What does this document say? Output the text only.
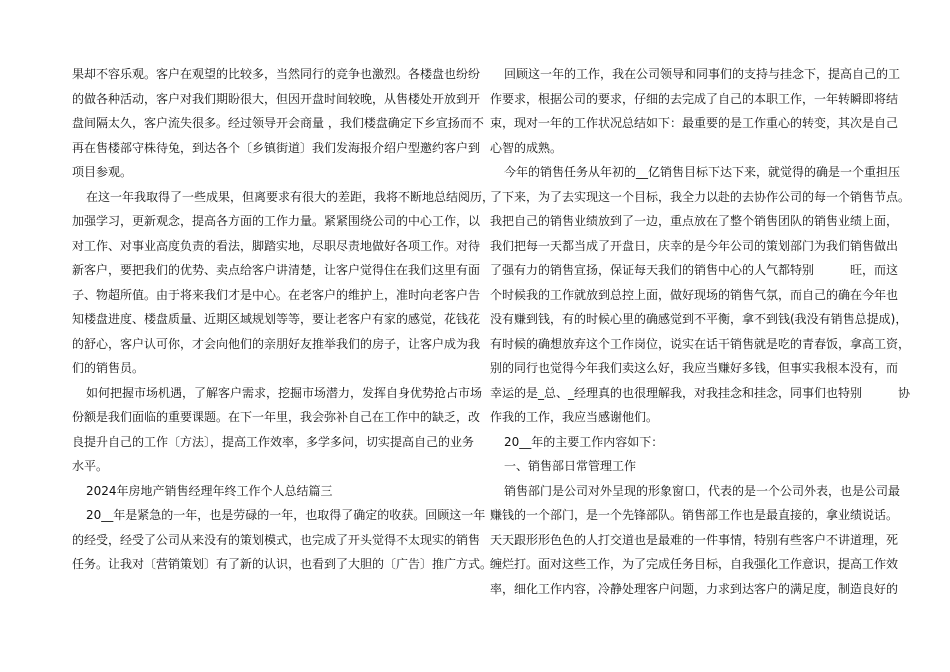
果却不容乐观。客户在观望的比较多，当然同行的竞争也激烈。各楼盘也纷纷
的做各种活动，客户对我们期盼很大，但因开盘时间较晚，从售楼处开放到开
盘间隔太久，客户流失很多。经过领导开会商量 ，我们楼盘确定下乡宣扬而不
再在售楼部守株待兔，到达各个〔乡镇街道〕我们发海报介绍户型邀约客户到
项目参观。
在这一年我取得了一些成果，但离要求有很大的差距，我将不断地总结阅历，
加强学习，更新观念，提高各方面的工作力量。紧紧围绕公司的中心工作，以
对工作、对事业高度负责的看法，脚踏实地，尽职尽责地做好各项工作。对待
新客户，要把我们的优势、卖点给客户讲清楚，让客户觉得住在我们这里有面
子、物超所值。由于将来我们才是中心。在老客户的维护上，准时向老客户告
知楼盘进度、楼盘质量、近期区域规划等等，要让老客户有家的感觉，花钱花
的舒心，客户认可你，才会向他们的亲朋好友推举我们的房子，让客户成为我
们的销售员。
如何把握市场机遇，了解客户需求，挖掘市场潜力，发挥自身优势抢占市场
份额是我们面临的重要课题。在下一年里，我会弥补自己在工作中的缺乏，改
良提升自己的工作〔方法〕，提高工作效率，多学多问，切实提高自己的业务
水平。
2024年房地产销售经理年终工作个人总结篇三
20__年是紧急的一年，也是劳碌的一年，也取得了确定的收获。回顾这一年
的经受，经受了公司从来没有的策划模式，也完成了开头觉得不太现实的销售
任务。让我对〔营销策划〕有了新的认识，也看到了大胆的〔广告〕推广方式。
回顾这一年的工作，我在公司领导和同事们的支持与挂念下，提高自己的工
作要求，根据公司的要求，仔细的去完成了自己的本职工作，一年转瞬即将结
束，现对一年的工作状况总结如下：最重要的是工作重心的转变，其次是自己
心智的成熟。
今年的销售任务从年初的__亿销售目标下达下来，就觉得的确是一个重担压
了下来，为了去实现这一个目标，我全力以赴的去协作公司的每一个销售节点。
我把自己的销售业绩放到了一边，重点放在了整个销售团队的销售业绩上面，
我们把每一天都当成了开盘日，庆幸的是今年公司的策划部门为我们销售做出
了强有力的销售宣扬，保证每天我们的销售中心的人气都特别　　　旺，而这
个时候我的工作就放到总控上面，做好现场的销售气氛，而自己的确在今年也
没有赚到钱，有的时候心里的确感觉到不平衡，拿不到钱(我没有销售总提成)，
有时候的确想放弃这个工作岗位，说实在话干销售就是吃的青春饭，拿高工资，
别的同行也觉得今年我们卖这么好，我应当赚好多钱，但事实我根本没有，而
幸运的是_总、_经理真的也很理解我，对我挂念和挂念，同事们也特别　　　协
作我的工作，我应当感谢他们。
20__年的主要工作内容如下：
一、销售部日常管理工作
销售部门是公司对外呈现的形象窗口，代表的是一个公司外表，也是公司最
赚钱的一个部门，是一个先锋部队。销售部工作也是最直接的，拿业绩说话。
天天跟形形色色的人打交道也是最难的一件事情，特别有些客户不讲道理，死
缠烂打。面对这些工作，为了完成任务目标，自我强化工作意识，提高工作效
率，细化工作内容，冷静处理客户问题，力求到达客户的满足度，制造良好的
